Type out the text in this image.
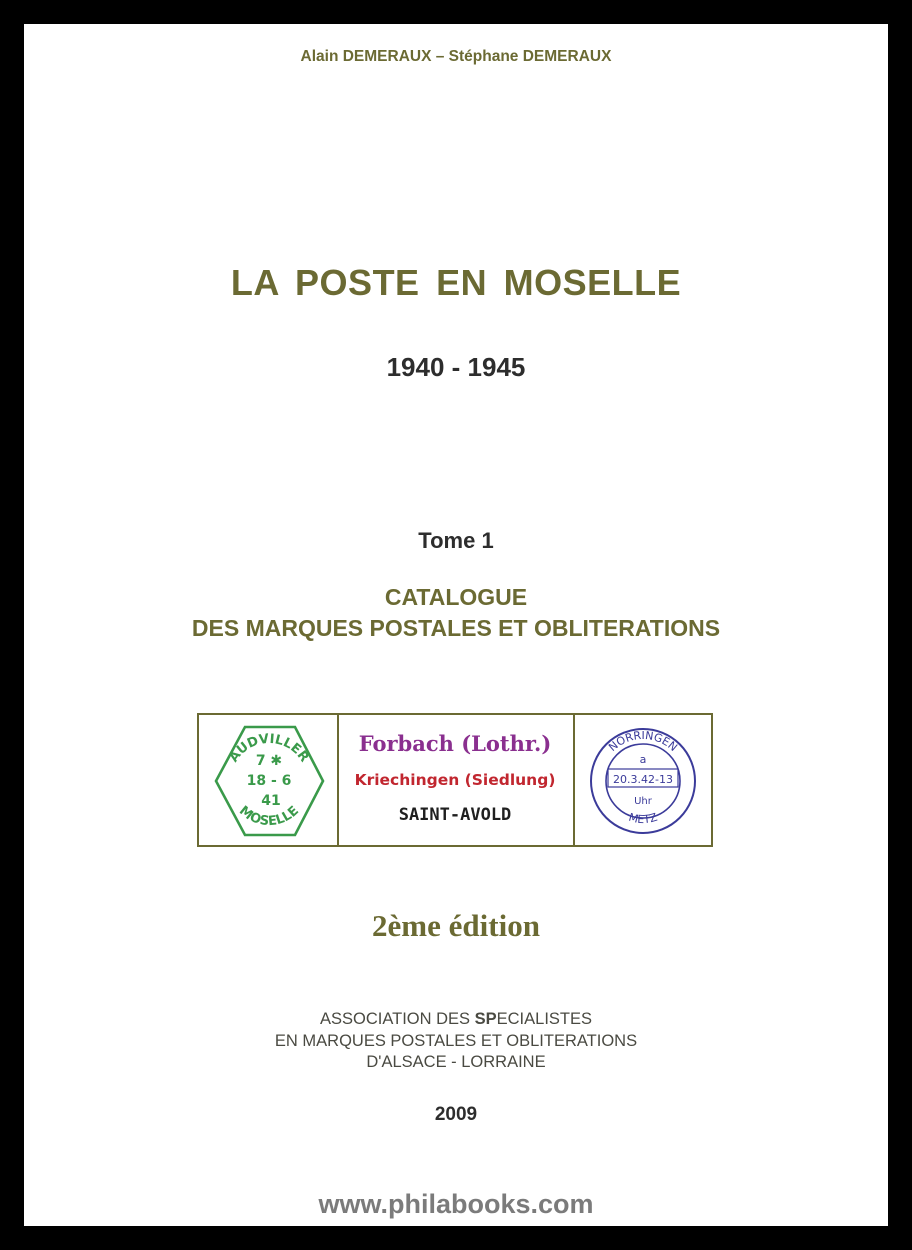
Alain DEMERAUX – Stéphane DEMERAUX

LA POSTE EN MOSELLE

1940 - 1945

Tome 1

CATALOGUE

DES MARQUES POSTALES ET OBLITERATIONS

AUDVILLER
MOSELLE
7 ✱
18 - 6
41
Forbach (Lothr.)
Kriechingen (Siedlung)
SAINT-AVOLD
NÖRRINGEN
METZ
a
20.3.42-13
Uhr

2ème édition

ASSOCIATION DES SPECIALISTES

EN MARQUES POSTALES ET OBLITERATIONS

D'ALSACE - LORRAINE

2009

www.philabooks.com
